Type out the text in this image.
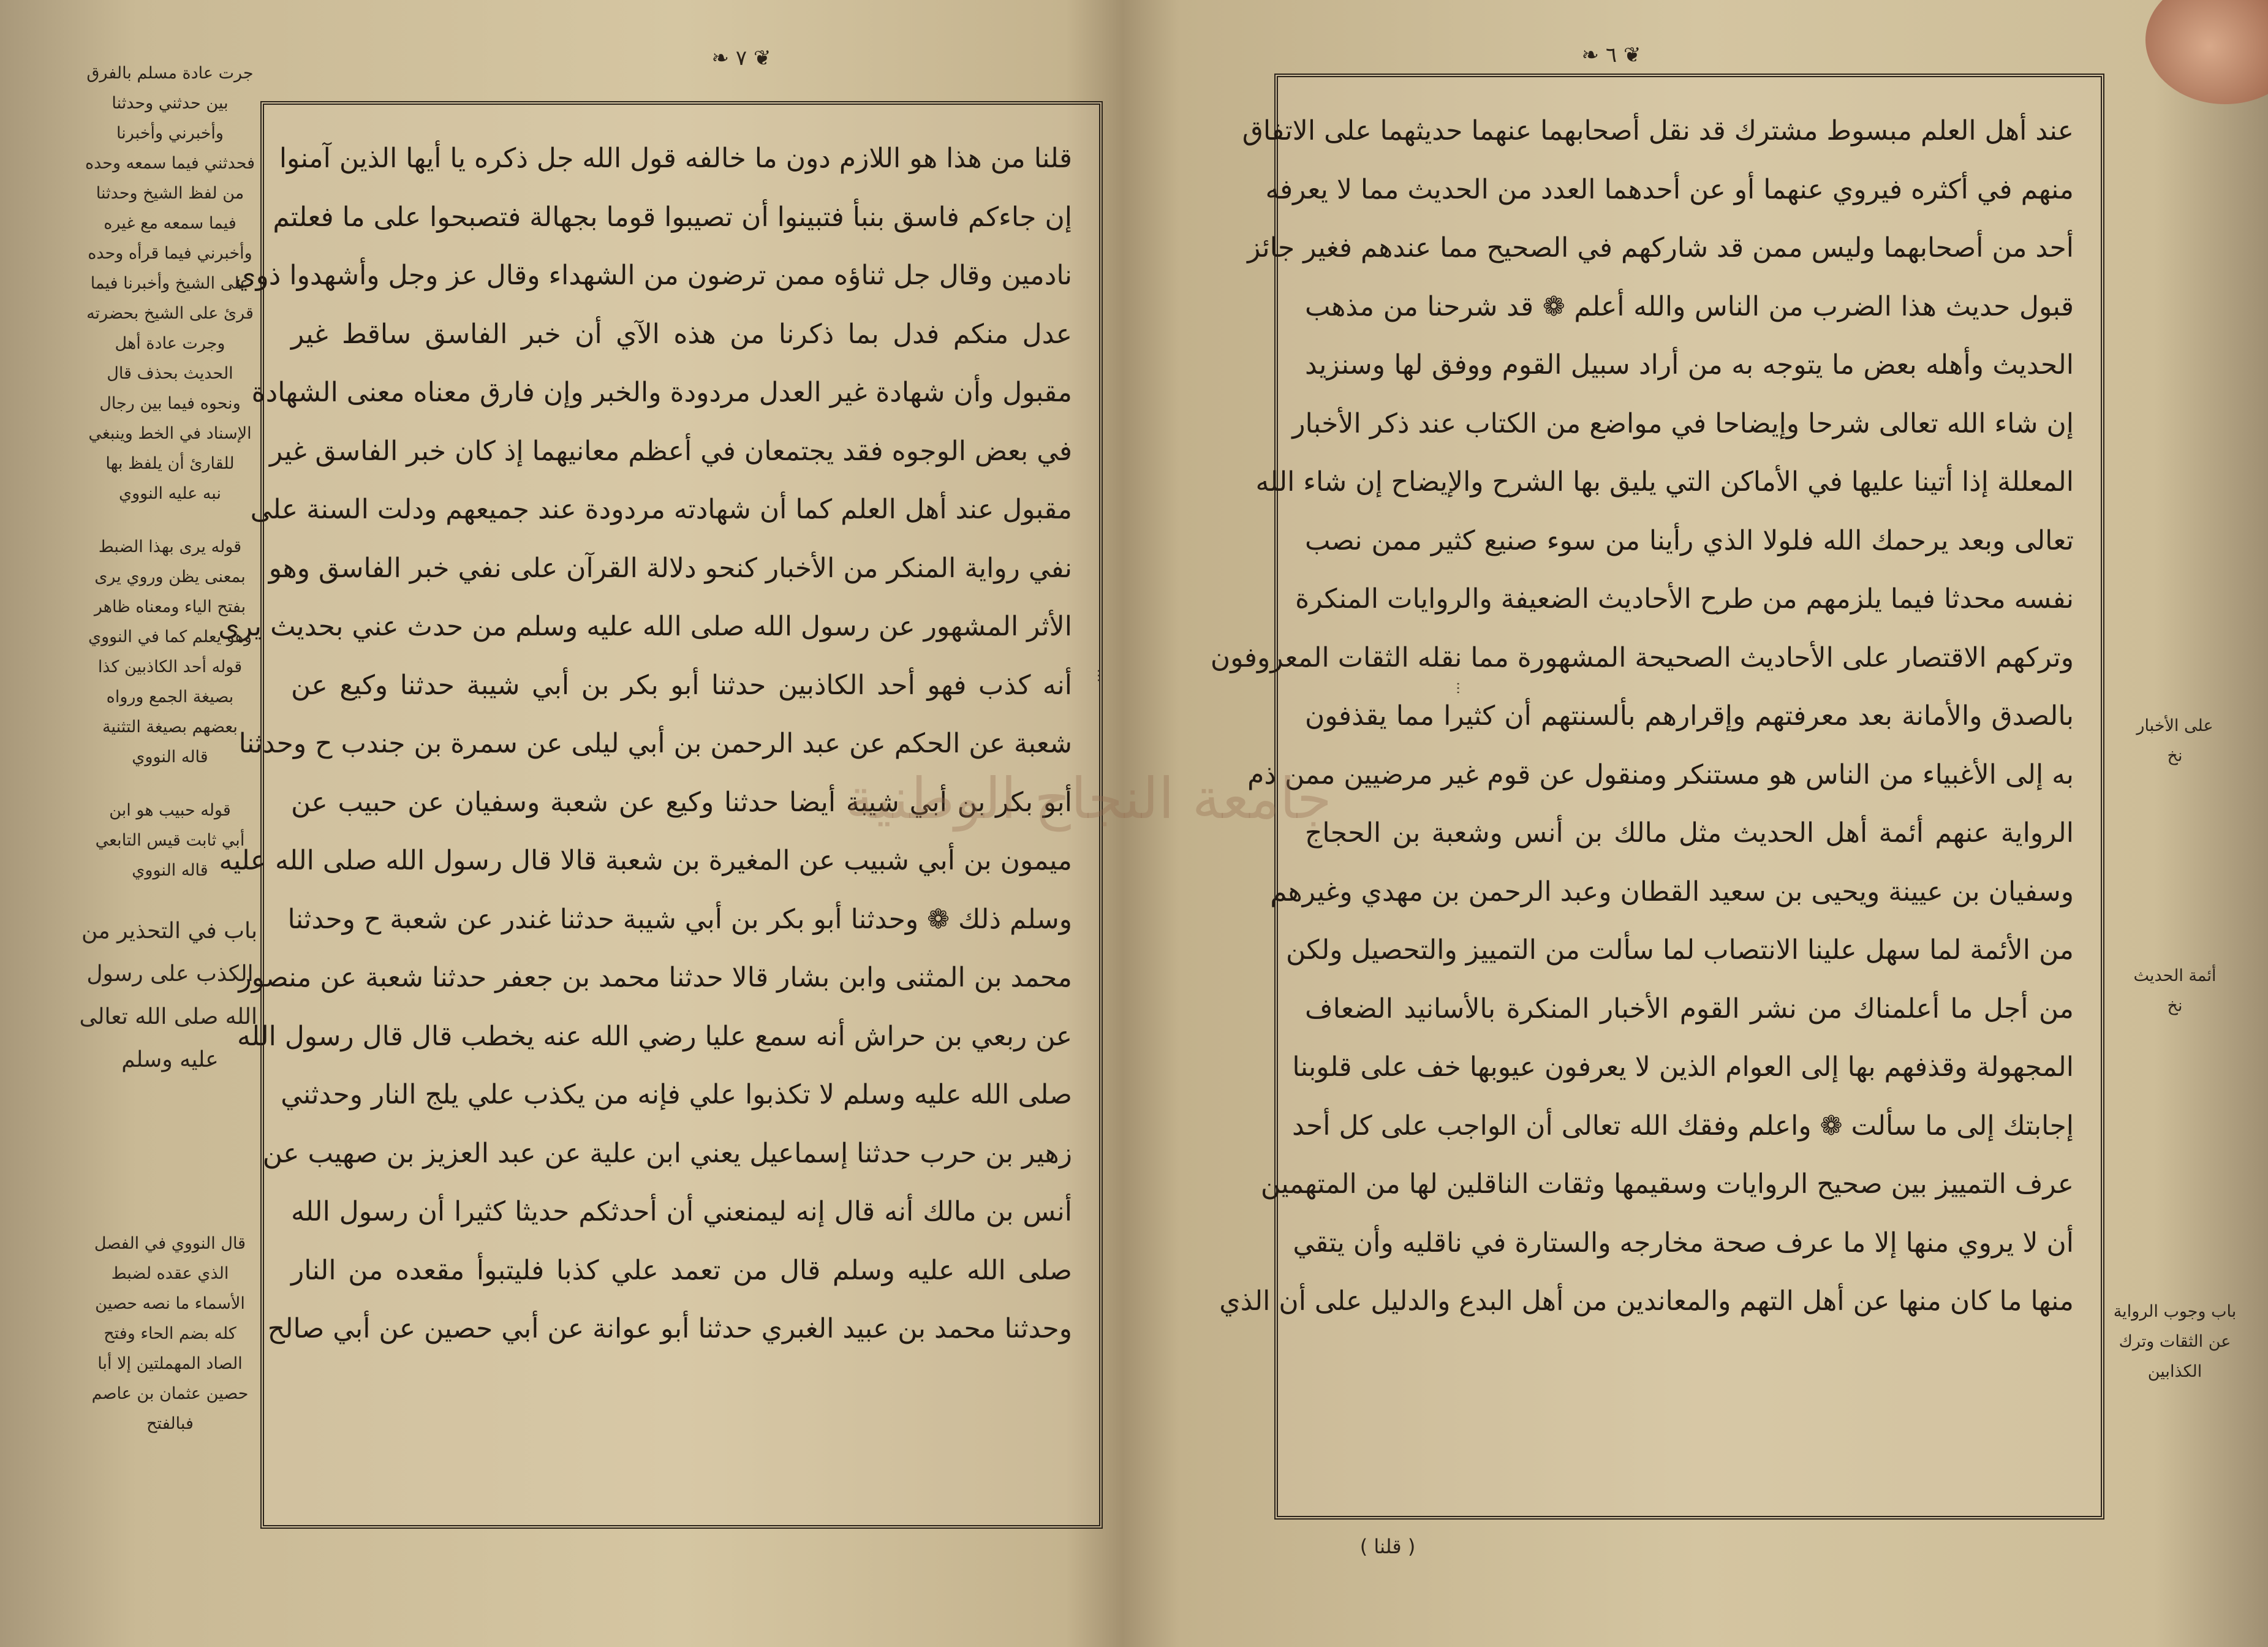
❦ ٧ ❧
قلنا من هذا هو اللازم دون ما خالفه قول الله جل ذكره يا أيها الذين آمنوا
إن جاءكم فاسق بنبأ فتبينوا أن تصيبوا قوما بجهالة فتصبحوا على ما فعلتم
نادمين وقال جل ثناؤه ممن ترضون من الشهداء وقال عز وجل وأشهدوا ذوي
عدل منكم فدل بما ذكرنا من هذه الآي أن خبر الفاسق ساقط غير
مقبول وأن شهادة غير العدل مردودة والخبر وإن فارق معناه معنى الشهادة
في بعض الوجوه فقد يجتمعان في أعظم معانيهما إذ كان خبر الفاسق غير
مقبول عند أهل العلم كما أن شهادته مردودة عند جميعهم ودلت السنة على
نفي رواية المنكر من الأخبار كنحو دلالة القرآن على نفي خبر الفاسق وهو
الأثر المشهور عن رسول الله صلى الله عليه وسلم من حدث عني بحديث يرى
أنه كذب فهو أحد الكاذبين حدثنا أبو بكر بن أبي شيبة حدثنا وكيع عن
شعبة عن الحكم عن عبد الرحمن بن أبي ليلى عن سمرة بن جندب ح وحدثنا
أبو بكر بن أبي شيبة أيضا حدثنا وكيع عن شعبة وسفيان عن حبيب عن
ميمون بن أبي شبيب عن المغيرة بن شعبة قالا قال رسول الله صلى الله عليه
وسلم ذلك ❁ وحدثنا أبو بكر بن أبي شيبة حدثنا غندر عن شعبة ح وحدثنا
محمد بن المثنى وابن بشار قالا حدثنا محمد بن جعفر حدثنا شعبة عن منصور
عن ربعي بن حراش أنه سمع عليا رضي الله عنه يخطب قال قال رسول الله
صلى الله عليه وسلم لا تكذبوا علي فإنه من يكذب علي يلج النار وحدثني
زهير بن حرب حدثنا إسماعيل يعني ابن علية عن عبد العزيز بن صهيب عن
أنس بن مالك أنه قال إنه ليمنعني أن أحدثكم حديثا كثيرا أن رسول الله
صلى الله عليه وسلم قال من تعمد علي كذبا فليتبوأ مقعده من النار
وحدثنا محمد بن عبيد الغبري حدثنا أبو عوانة عن أبي حصين عن أبي صالح
جرت عادة مسلم بالفرق
بين حدثني وحدثنا
وأخبرني وأخبرنا
فحدثني فيما سمعه وحده
من لفظ الشيخ وحدثنا
فيما سمعه مع غيره
وأخبرني فيما قرأه وحده
على الشيخ وأخبرنا فيما
قرئ على الشيخ بحضرته
وجرت عادة أهل
الحديث بحذف قال
ونحوه فيما بين رجال
الإسناد في الخط وينبغي
للقارئ أن يلفظ بها
نبه عليه النووي
قوله يرى بهذا الضبط
بمعنى يظن وروي يرى
بفتح الياء ومعناه ظاهر
وهو يعلم كما في النووي
قوله أحد الكاذبين كذا
بصيغة الجمع ورواه
بعضهم بصيغة التثنية
قاله النووي
قوله حبيب هو ابن
أبي ثابت قيس التابعي
قاله النووي
باب في التحذير من
الكذب على رسول
الله صلى الله تعالى
عليه وسلم
قال النووي في الفصل
الذي عقده لضبط
الأسماء ما نصه حصين
كله بضم الحاء وفتح
الصاد المهملتين إلا أبا
حصين عثمان بن عاصم
فبالفتح
...
❦ ٦ ❧
عند أهل العلم مبسوط مشترك قد نقل أصحابهما عنهما حديثهما على الاتفاق
منهم في أكثره فيروي عنهما أو عن أحدهما العدد من الحديث مما لا يعرفه
أحد من أصحابهما وليس ممن قد شاركهم في الصحيح مما عندهم فغير جائز
قبول حديث هذا الضرب من الناس والله أعلم ❁ قد شرحنا من مذهب
الحديث وأهله بعض ما يتوجه به من أراد سبيل القوم ووفق لها وسنزيد
إن شاء الله تعالى شرحا وإيضاحا في مواضع من الكتاب عند ذكر الأخبار
المعللة إذا أتينا عليها في الأماكن التي يليق بها الشرح والإيضاح إن شاء الله
تعالى وبعد يرحمك الله فلولا الذي رأينا من سوء صنيع كثير ممن نصب
نفسه محدثا فيما يلزمهم من طرح الأحاديث الضعيفة والروايات المنكرة
وتركهم الاقتصار على الأحاديث الصحيحة المشهورة مما نقله الثقات المعروفون
بالصدق والأمانة بعد معرفتهم وإقرارهم بألسنتهم أن كثيرا مما يقذفون
به إلى الأغبياء من الناس هو مستنكر ومنقول عن قوم غير مرضيين ممن ذم
الرواية عنهم أئمة أهل الحديث مثل مالك بن أنس وشعبة بن الحجاج
وسفيان بن عيينة ويحيى بن سعيد القطان وعبد الرحمن بن مهدي وغيرهم
من الأئمة لما سهل علينا الانتصاب لما سألت من التمييز والتحصيل ولكن
من أجل ما أعلمناك من نشر القوم الأخبار المنكرة بالأسانيد الضعاف
المجهولة وقذفهم بها إلى العوام الذين لا يعرفون عيوبها خف على قلوبنا
إجابتك إلى ما سألت ❁ واعلم وفقك الله تعالى أن الواجب على كل أحد
عرف التمييز بين صحيح الروايات وسقيمها وثقات الناقلين لها من المتهمين
أن لا يروي منها إلا ما عرف صحة مخارجه والستارة في ناقليه وأن يتقي
منها ما كان منها عن أهل التهم والمعاندين من أهل البدع والدليل على أن الذي
على الأخبار
نخ
أئمة الحديث
نخ
باب وجوب الرواية
عن الثقات وترك
الكذابين
( قلنا )
...
جامعة النجاح الوطنية
